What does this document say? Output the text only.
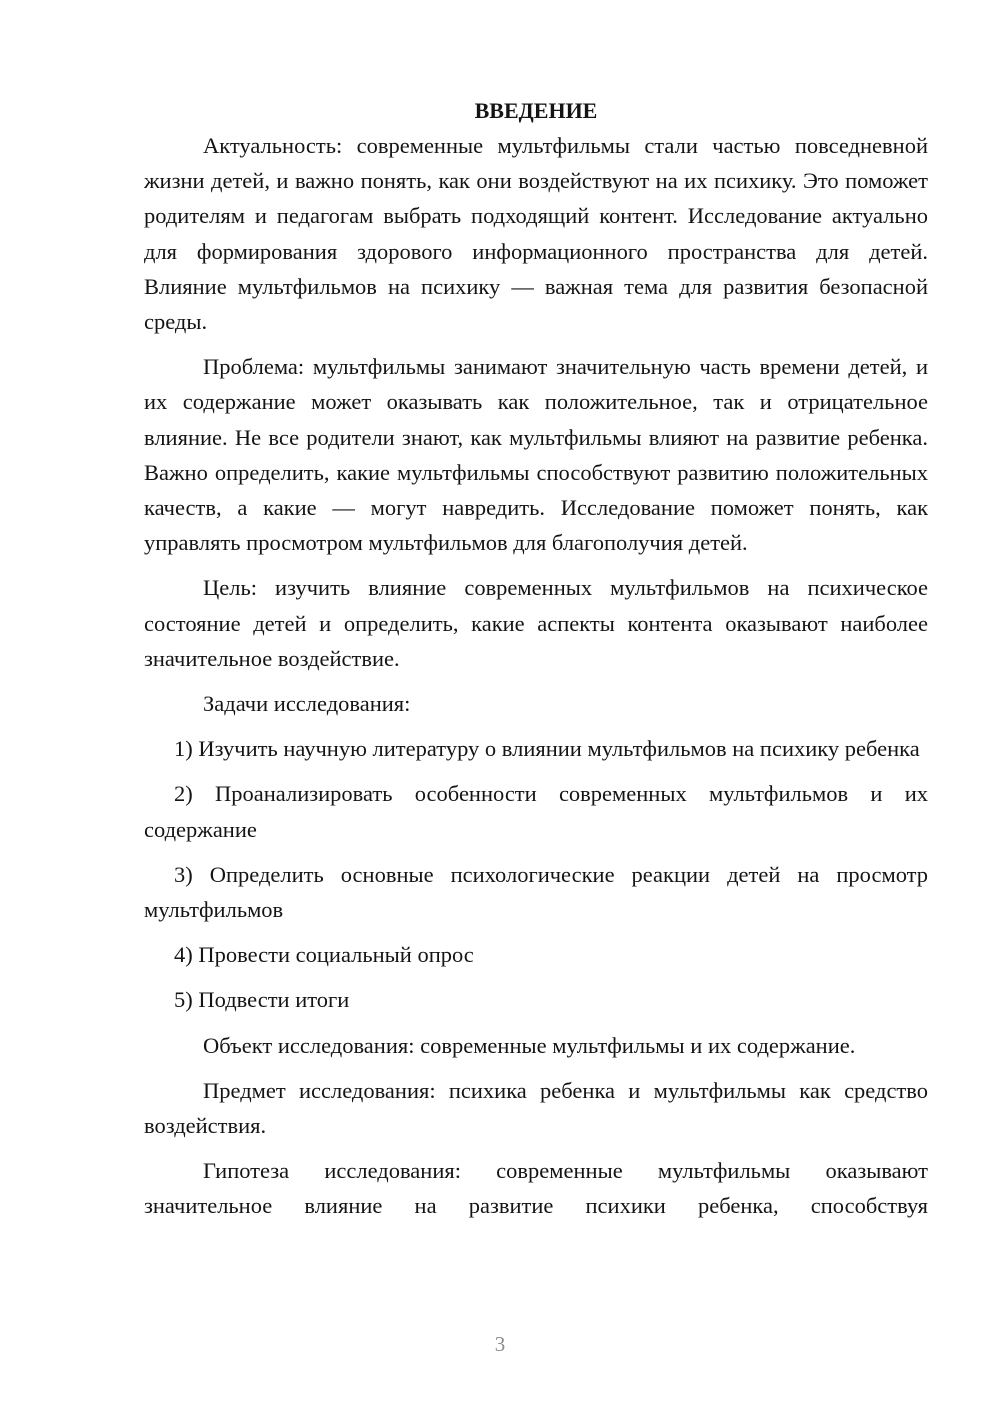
ВВЕДЕНИЕ

Актуальность: современные мультфильмы стали частью повседневной жизни детей, и важно понять, как они воздействуют на их психику. Это поможет родителям и педагогам выбрать подходящий контент. Исследование актуально для формирования здорового информационного пространства для детей. Влияние мультфильмов на психику — важная тема для развития безопасной среды.

Проблема: мультфильмы занимают значительную часть времени детей, и их содержание может оказывать как положительное, так и отрицательное влияние. Не все родители знают, как мультфильмы влияют на развитие ребенка. Важно определить, какие мультфильмы способствуют развитию положительных качеств, а какие — могут навредить. Исследование поможет понять, как управлять просмотром мультфильмов для благополучия детей.

Цель: изучить влияние современных мультфильмов на психическое состояние детей и определить, какие аспекты контента оказывают наиболее значительное воздействие.

Задачи исследования:

1) Изучить научную литературу о влиянии мультфильмов на психику ребенка

2) Проанализировать особенности современных мультфильмов и их содержание

3) Определить основные психологические реакции детей на просмотр мультфильмов

4) Провести социальный опрос

5) Подвести итоги

Объект исследования: современные мультфильмы и их содержание.

Предмет исследования: психика ребенка и мультфильмы как средство воздействия.

Гипотеза исследования: современные мультфильмы оказывают значительное влияние на развитие психики ребенка, способствуя

3
